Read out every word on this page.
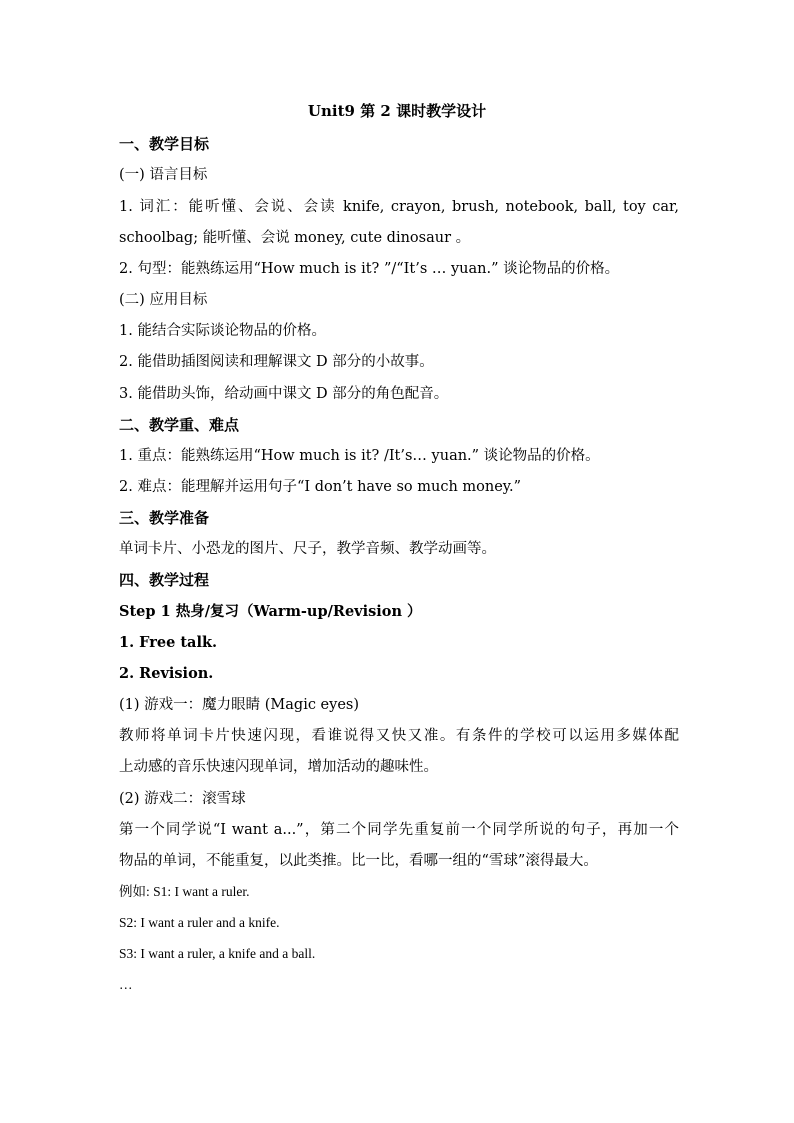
Unit9 第 2 课时教学设计
一、教学目标
(一) 语言目标
1. 词汇：能听懂、会说、会读 knife, crayon, brush, notebook, ball, toy car,
schoolbag; 能听懂、会说 money, cute dinosaur 。
2. 句型：能熟练运用“How much is it? ”/“It’s … yuan.” 谈论物品的价格。
(二) 应用目标
1. 能结合实际谈论物品的价格。
2. 能借助插图阅读和理解课文 D 部分的小故事。
3. 能借助头饰，给动画中课文 D 部分的角色配音。
二、教学重、难点
1. 重点：能熟练运用“How much is it? /It’s… yuan.” 谈论物品的价格。
2. 难点：能理解并运用句子“I don’t have so much money.”
三、教学准备
单词卡片、小恐龙的图片、尺子，教学音频、教学动画等。
四、教学过程
Step 1 热身/复习（Warm-up/Revision ）
1. Free talk.
2. Revision.
(1) 游戏一：魔力眼睛 (Magic eyes)
教师将单词卡片快速闪现，看谁说得又快又准。有条件的学校可以运用多媒体配
上动感的音乐快速闪现单词，增加活动的趣味性。
(2) 游戏二：滚雪球
第一个同学说“I want a...”，第二个同学先重复前一个同学所说的句子，再加一个
物品的单词，不能重复，以此类推。比一比，看哪一组的“雪球”滚得最大。
例如: S1: I want a ruler.
S2: I want a ruler and a knife.
S3: I want a ruler, a knife and a ball.
…
